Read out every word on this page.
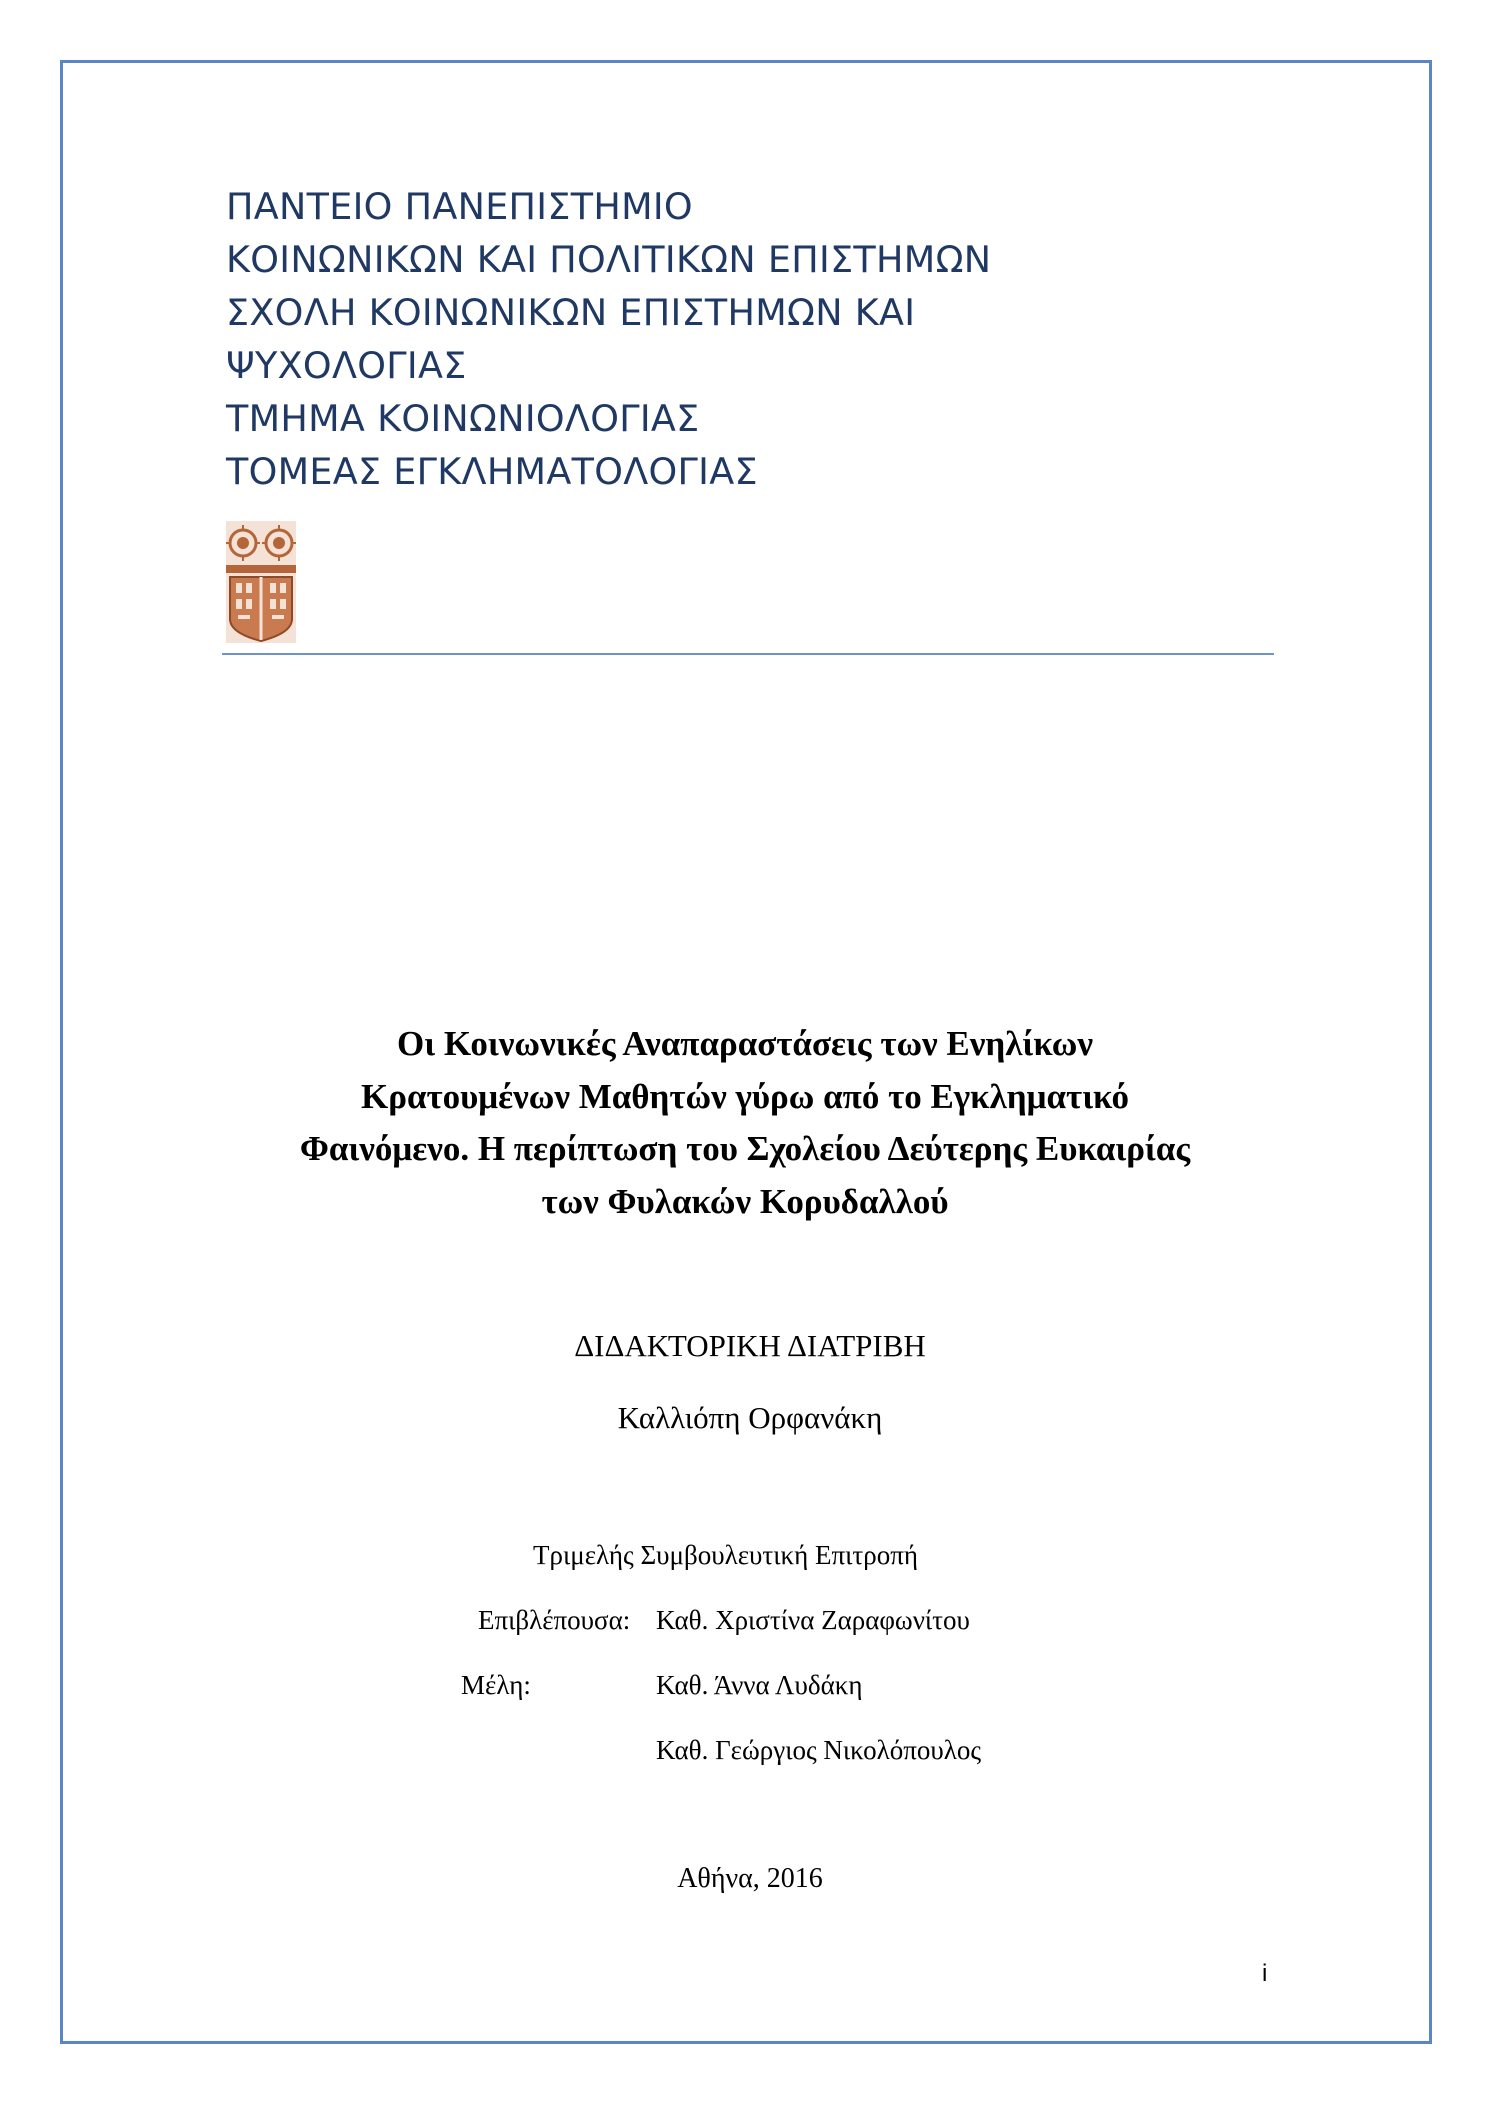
ΠΑΝΤΕΙΟ ΠΑΝΕΠΙΣΤΗΜΙΟ
ΚΟΙΝΩΝΙΚΩΝ ΚΑΙ ΠΟΛΙΤΙΚΩΝ ΕΠΙΣΤΗΜΩΝ
ΣΧΟΛΗ ΚΟΙΝΩΝΙΚΩΝ ΕΠΙΣΤΗΜΩΝ ΚΑΙ
ΨΥΧΟΛΟΓΙΑΣ
ΤΜΗΜΑ ΚΟΙΝΩΝΙΟΛΟΓΙΑΣ
ΤΟΜΕΑΣ ΕΓΚΛΗΜΑΤΟΛΟΓΙΑΣ
Οι Κοινωνικές Αναπαραστάσεις των Ενηλίκων
Κρατουμένων Μαθητών γύρω από το Εγκληματικό
Φαινόμενο. Η περίπτωση του Σχολείου Δεύτερης Ευκαιρίας
των Φυλακών Κορυδαλλού
ΔΙΔΑΚΤΟΡΙΚΗ ΔΙΑΤΡΙΒΗ
Καλλιόπη Ορφανάκη
Τριμελής Συμβουλευτική Επιτροπή
Επιβλέπουσα: Καθ. Χριστίνα Ζαραφωνίτου
Μέλη:	Καθ. Άννα Λυδάκη
Καθ. Γεώργιος Νικολόπουλος
Αθήνα, 2016
i
